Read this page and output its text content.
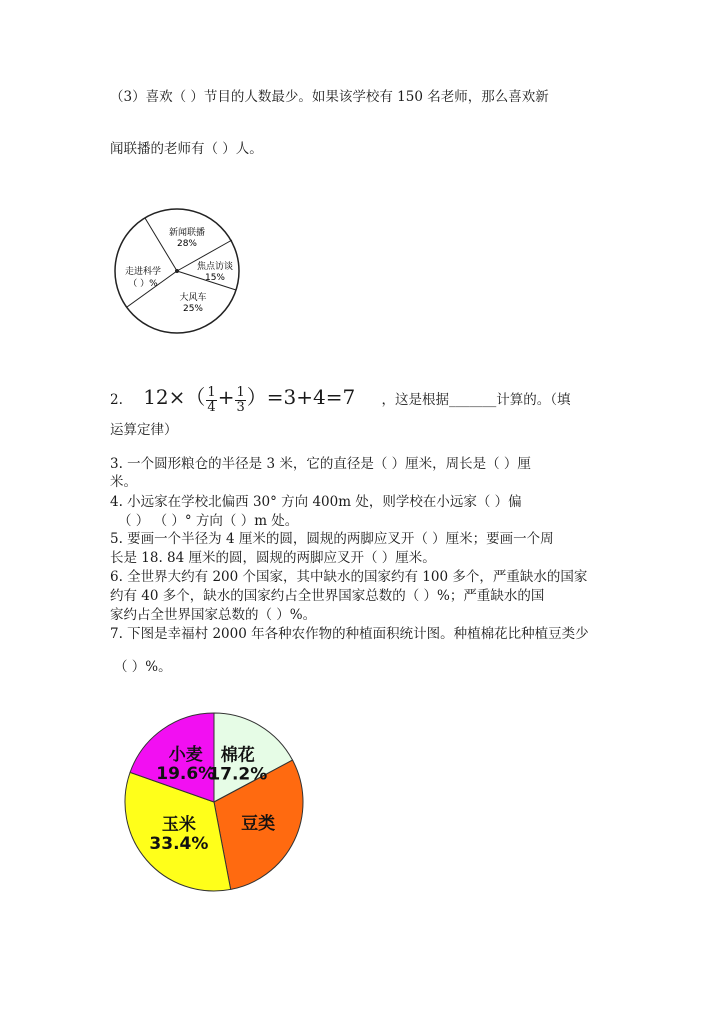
（3）喜欢（ ）节目的人数最少。如果该学校有 150 名老师，那么喜欢新
闻联播的老师有（ ）人。
新闻联播
28%
焦点访谈
15%
大风车
25%
走进科学
（ ）%
2. $12\times( \frac{1}{4} + \frac{1}{3} )=3+4=7$ ，这是根据_______计算的。（填
运算定律）
3. 一个圆形粮仓的半径是 3 米，它的直径是（ ）厘米，周长是（ ）厘
米。
4. 小远家在学校北偏西 30° 方向 400m 处，则学校在小远家（ ）偏
（ ） （ ）° 方向（ ）m 处。
5. 要画一个半径为 4 厘米的圆，圆规的两脚应叉开（ ）厘米；要画一个周
长是 18. 84 厘米的圆，圆规的两脚应叉开（ ）厘米。
6. 全世界大约有 200 个国家，其中缺水的国家约有 100 多个，严重缺水的国家
约有 40 多个，缺水的国家约占全世界国家总数的（ ）%；严重缺水的国
家约占全世界国家总数的（ ）%。
7. 下图是幸福村 2000 年各种农作物的种植面积统计图。种植棉花比种植豆类少
（ ）%。
棉花
17.2%
豆类
玉米
33.4%
小麦
19.6%
